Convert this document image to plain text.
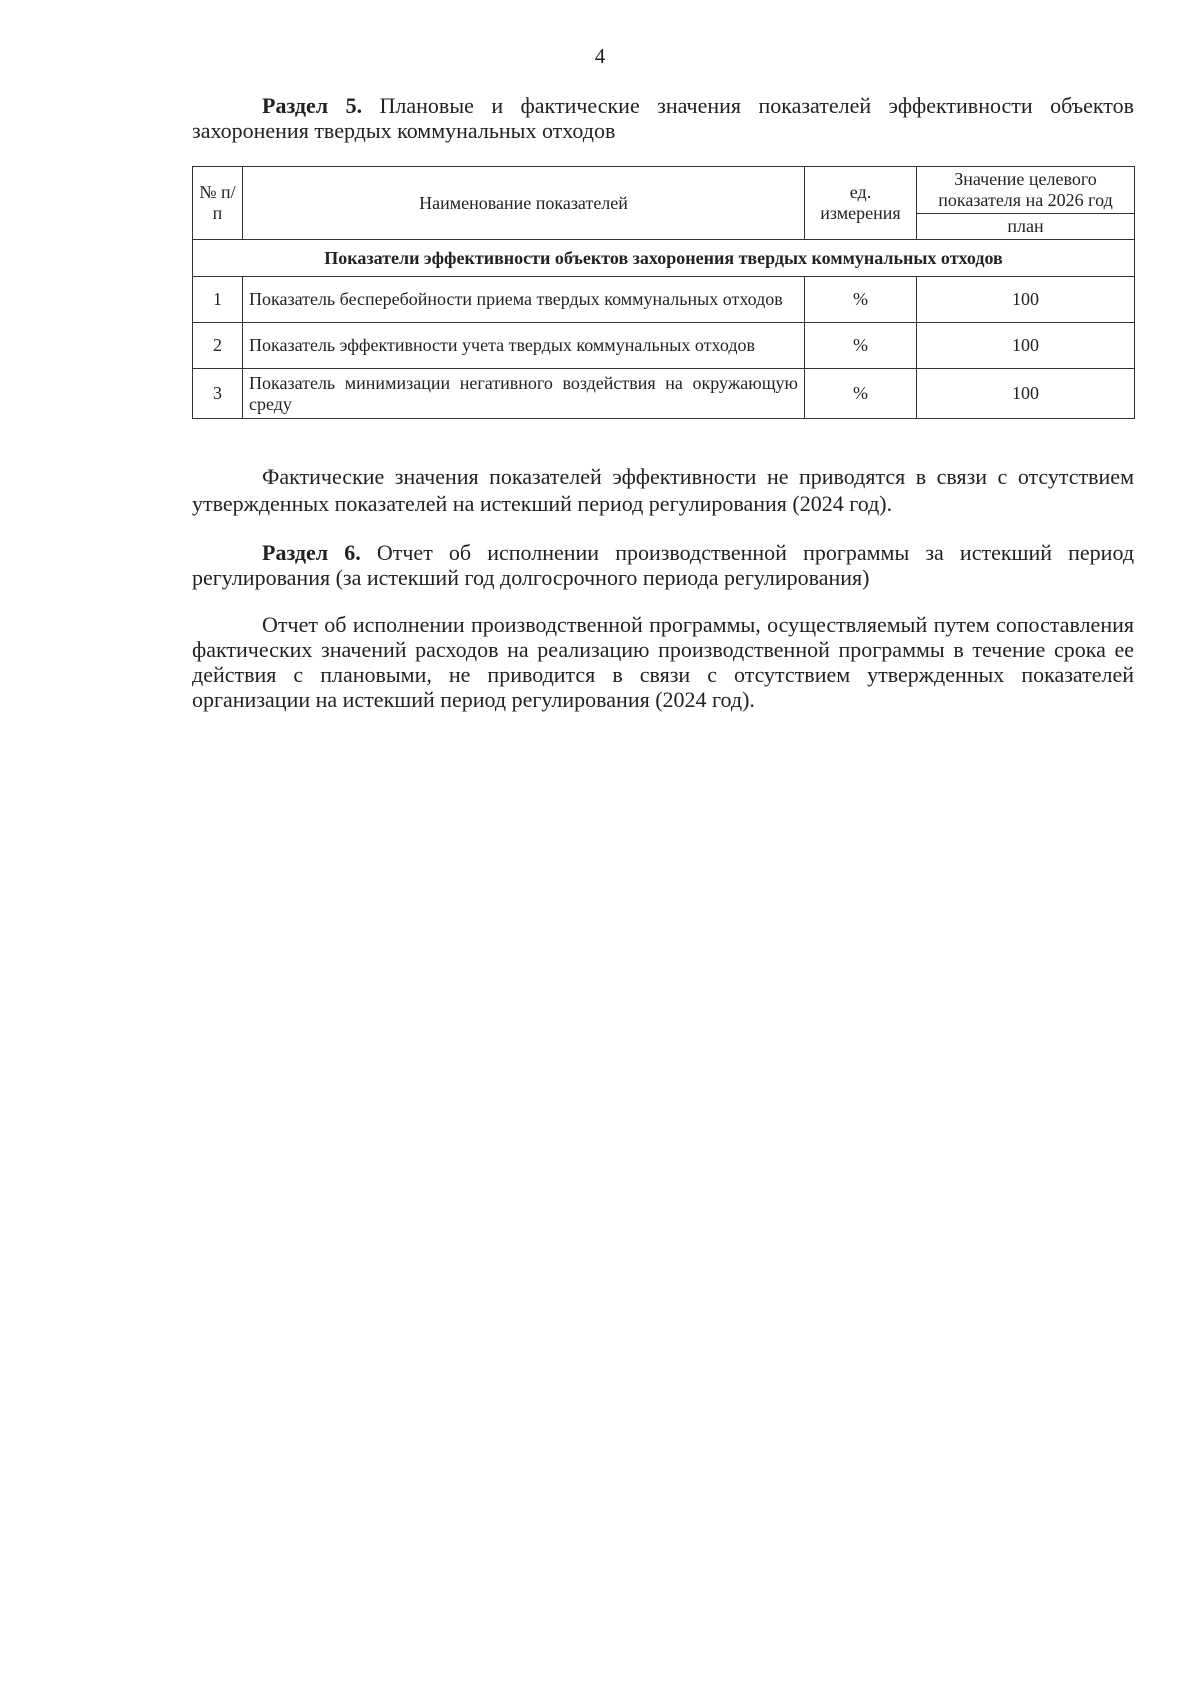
4
Раздел 5. Плановые и фактические значения показателей эффективности объектов захоронения твердых коммунальных отходов
№ п/п	Наименование показателей	ед. измерения	Значение целевого показателя на 2026 год
			план
Показатели эффективности объектов захоронения твердых коммунальных отходов			
1	Показатель бесперебойности приема твердых коммунальных отходов	%	100
2	Показатель эффективности учета твердых коммунальных отходов	%	100
3	Показатель минимизации негативного воздействия на окружающую среду	%	100
Фактические значения показателей эффективности не приводятся в связи с отсутствием утвержденных показателей на истекший период регулирования (2024 год).
Раздел 6. Отчет об исполнении производственной программы за истекший период регулирования (за истекший год долгосрочного периода регулирования)
Отчет об исполнении производственной программы, осуществляемый путем сопоставления фактических значений расходов на реализацию производственной программы в течение срока ее действия с плановыми, не приводится в связи с отсутствием утвержденных показателей организации на истекший период регулирования (2024 год).
